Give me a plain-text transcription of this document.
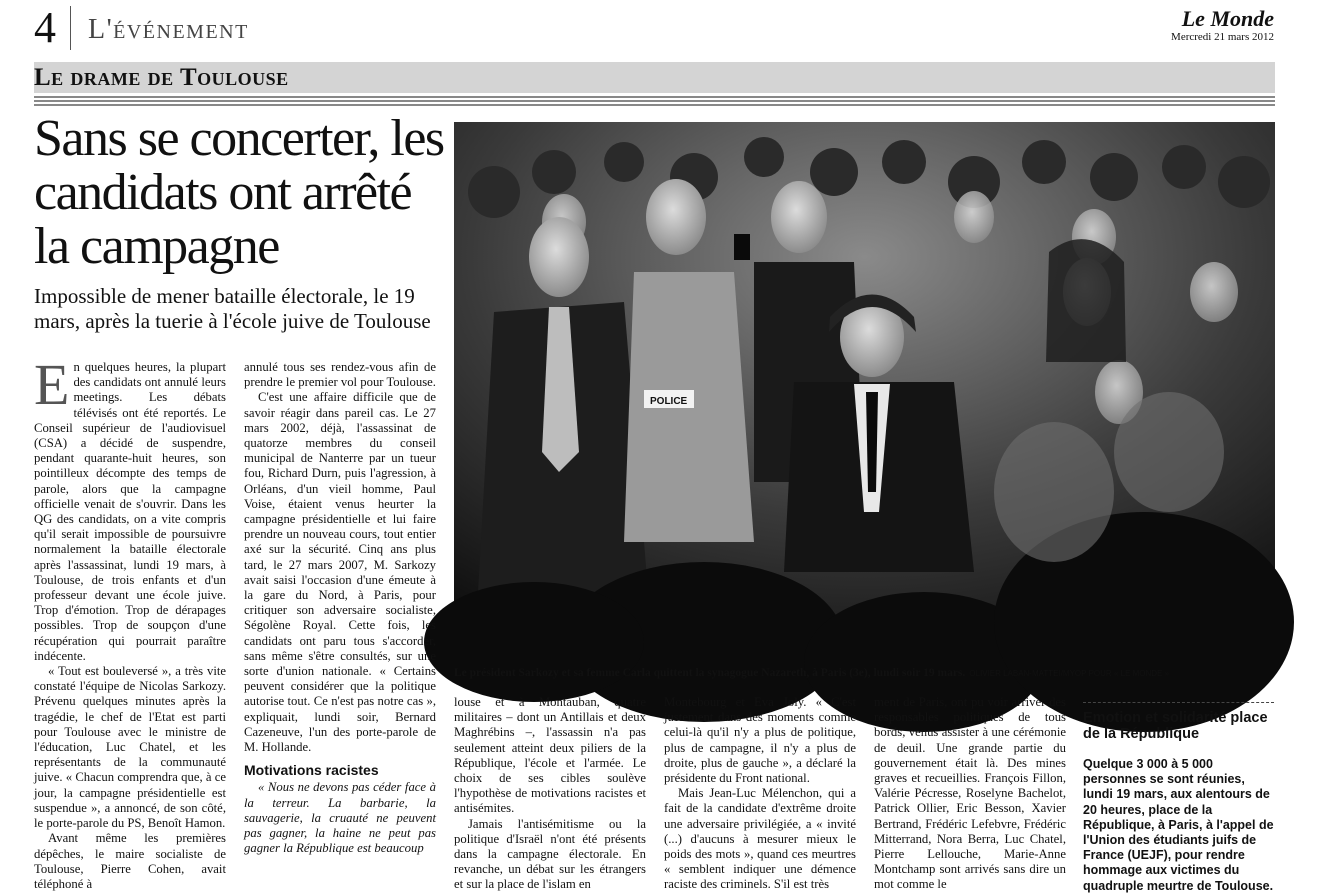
4 L'événement	Le Monde
Mercredi 21 mars 2012
Le drame de Toulouse
Sans se concerter, les candidats ont arrêté la campagne
Impossible de mener bataille électorale, le 19 mars, après la tuerie à l'école juive de Toulouse
POLICE
Le président Sarkozy et sa femme Carla quittent la synagogue Nazareth, à Paris (3e), lundi soir 19 mars. OLIVIER LABAN-MATTEI/MYOP POUR « LE MONDE »

En quelques heures, la plupart des candidats ont annulé leurs meetings. Les débats télévisés ont été reportés. Le Conseil supérieur de l'audiovisuel (CSA) a décidé de suspendre, pendant quarante-huit heures, son pointilleux décompte des temps de parole, alors que la campagne officielle venait de s'ouvrir. Dans les QG des candidats, on a vite compris qu'il serait impossible de poursuivre normalement la bataille électorale après l'assassinat, lundi 19 mars, à Toulouse, de trois enfants et d'un professeur devant une école juive. Trop d'émotion. Trop de dérapages possibles. Trop de soupçon d'une récupération qui pourrait paraître indécente.

« Tout est bouleversé », a très vite constaté l'équipe de Nicolas Sarkozy. Prévenu quelques minutes après la tragédie, le chef de l'Etat est parti pour Toulouse avec le ministre de l'éducation, Luc Chatel, et les représentants de la communauté juive. « Chacun comprendra que, à ce jour, la campagne présidentielle est suspendue », a annoncé, de son côté, le porte-parole du PS, Benoît Hamon.

Avant même les premières dépêches, le maire socialiste de Toulouse, Pierre Cohen, avait téléphoné à

annulé tous ses rendez-vous afin de prendre le premier vol pour Toulouse.

C'est une affaire difficile que de savoir réagir dans pareil cas. Le 27 mars 2002, déjà, l'assassinat de quatorze membres du conseil municipal de Nanterre par un tueur fou, Richard Durn, puis l'agression, à Orléans, d'un vieil homme, Paul Voise, étaient venus heurter la campagne présidentielle et lui faire prendre un nouveau cours, tout entier axé sur la sécurité. Cinq ans plus tard, le 27 mars 2007, M. Sarkozy avait saisi l'occasion d'une émeute à la gare du Nord, à Paris, pour critiquer son adversaire socialiste, Ségolène Royal. Cette fois, les candidats ont paru tous s'accorder, sans même s'être consultés, sur une sorte d'union nationale. « Certains peuvent considérer que la politique autorise tout. Ce n'est pas notre cas », expliquait, lundi soir, Bernard Cazeneuve, l'un des porte-parole de M. Hollande.

Motivations racistes

« Nous ne devons pas céder face à la terreur. La barbarie, la sauvagerie, la cruauté ne peuvent pas gagner, la haine ne peut pas gagner la République est beaucoup

louse et à Montauban, quatre militaires – dont un Antillais et deux Maghrébins –, l'assassin n'a pas seulement atteint deux piliers de la République, l'école et l'armée. Le choix de ses cibles soulève l'hypothèse de motivations racistes et antisémites.

Jamais l'antisémitisme ou la politique d'Israël n'ont été présents dans la campagne électorale. En revanche, un débat sur les étrangers et sur la place de l'islam en

Montebourg et Eva Joly. « C'est justement dans des moments comme celui-là qu'il n'y a plus de politique, plus de campagne, il n'y a plus de droite, plus de gauche », a déclaré la présidente du Front national.

Mais Jean-Luc Mélenchon, qui a fait de la candidate d'extrême droite une adversaire privilégiée, a « invité (...) d'aucuns à mesurer mieux le poids des mots », quand ces meurtres « semblent indiquer une démence raciste des criminels. S'il est très

ment de Paris, ont pu voir arriver des responsables politiques de tous bords, venus assister à une cérémonie de deuil. Une grande partie du gouvernement était là. Des mines graves et recueillies. François Fillon, Valérie Pécresse, Roselyne Bachelot, Patrick Ollier, Eric Besson, Xavier Bertrand, Frédéric Lefebvre, Frédéric Mitterrand, Nora Berra, Luc Chatel, Pierre Lellouche, Marie-Anne Montchamp sont arrivés sans dire un mot comme le

Emotion et solidarité place de la République
Quelque 3 000 à 5 000 personnes se sont réunies, lundi 19 mars, aux alentours de 20 heures, place de la République, à Paris, à l'appel de l'Union des étudiants juifs de France (UEJF), pour rendre hommage aux victimes du quadruple meurtre de Toulouse.
